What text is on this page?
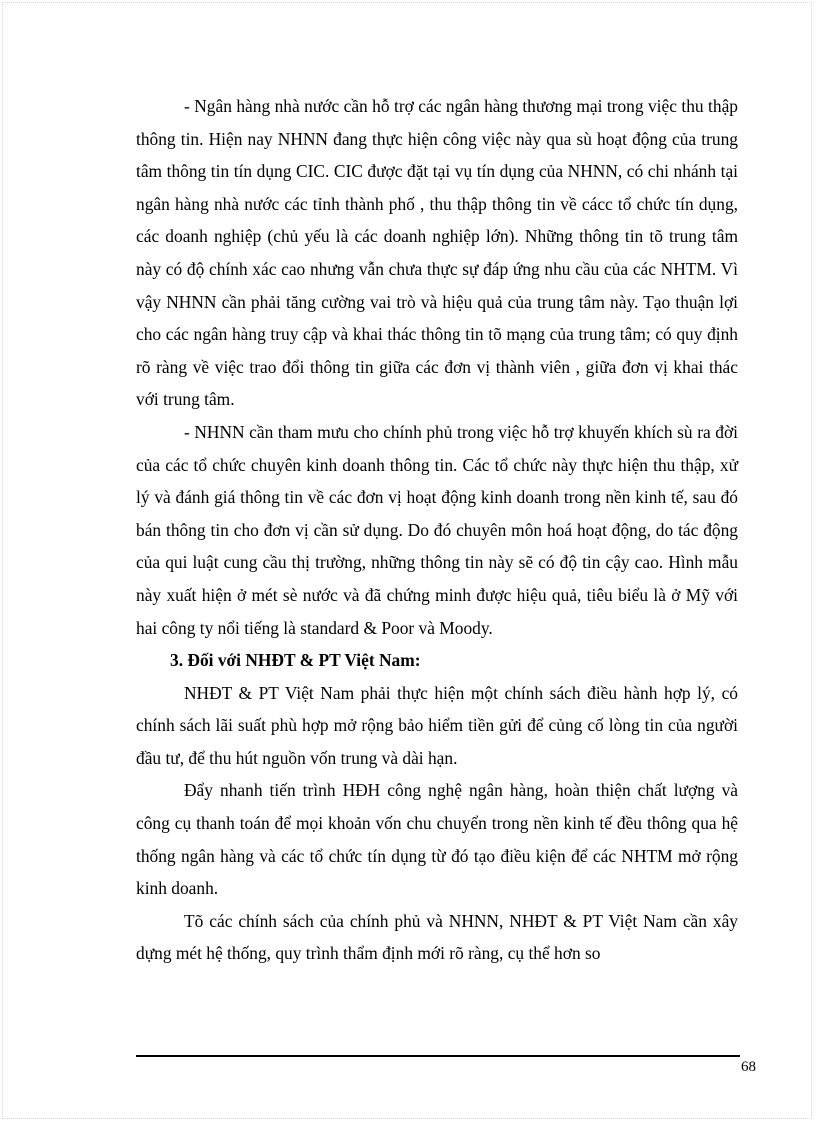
- Ngân hàng nhà nước cần hỗ trợ các ngân hàng thương mại trong việc thu thập thông tin. Hiện nay NHNN đang thực hiện công việc này qua sù hoạt động của trung tâm thông tin tín dụng CIC. CIC được đặt tại vụ tín dụng của NHNN, có chi nhánh tại ngân hàng nhà nước các tỉnh thành phố , thu thập thông tin về cácc tổ chức tín dụng, các doanh nghiệp (chủ yếu là các doanh nghiệp lớn). Những thông tin tõ trung tâm này có độ chính xác cao nhưng vẫn chưa thực sự đáp ứng nhu cầu của các NHTM. Vì vậy NHNN cần phải tăng cường vai trò và hiệu quả của trung tâm này. Tạo thuận lợi cho các ngân hàng truy cập và khai thác thông tin tõ mạng của trung tâm; có quy định rõ ràng về việc trao đổi thông tin giữa các đơn vị thành viên , giữa đơn vị khai thác với trung tâm.

- NHNN cần tham mưu cho chính phủ trong việc hỗ trợ khuyến khích sù ra đời của các tổ chức chuyên kinh doanh thông tin. Các tổ chức này thực hiện thu thập, xử lý và đánh giá thông tin về các đơn vị hoạt động kinh doanh trong nền kinh tế, sau đó bán thông tin cho đơn vị cần sử dụng. Do đó chuyên môn hoá hoạt động, do tác động của qui luật cung cầu thị trường, những thông tin này sẽ có độ tin cậy cao. Hình mẫu này xuất hiện ở mét sè nước và đã chứng minh được hiệu quả, tiêu biểu là ở Mỹ với hai công ty nổi tiếng là standard & Poor và Moody.

3. Đối với NHĐT & PT Việt Nam:

NHĐT & PT Việt Nam phải thực hiện một chính sách điều hành hợp lý, có chính sách lãi suất phù hợp mở rộng bảo hiểm tiền gửi để củng cố lòng tin của người đầu tư, để thu hút nguồn vốn trung và dài hạn.

Đẩy nhanh tiến trình HĐH công nghệ ngân hàng, hoàn thiện chất lượng và công cụ thanh toán để mọi khoản vốn chu chuyển trong nền kinh tế đều thông qua hệ thống ngân hàng và các tổ chức tín dụng từ đó tạo điều kiện để các NHTM mở rộng kinh doanh.

Tõ các chính sách của chính phủ và NHNN, NHĐT & PT Việt Nam cần xây dựng mét hệ thống, quy trình thẩm định mới rõ ràng, cụ thể hơn so

68
